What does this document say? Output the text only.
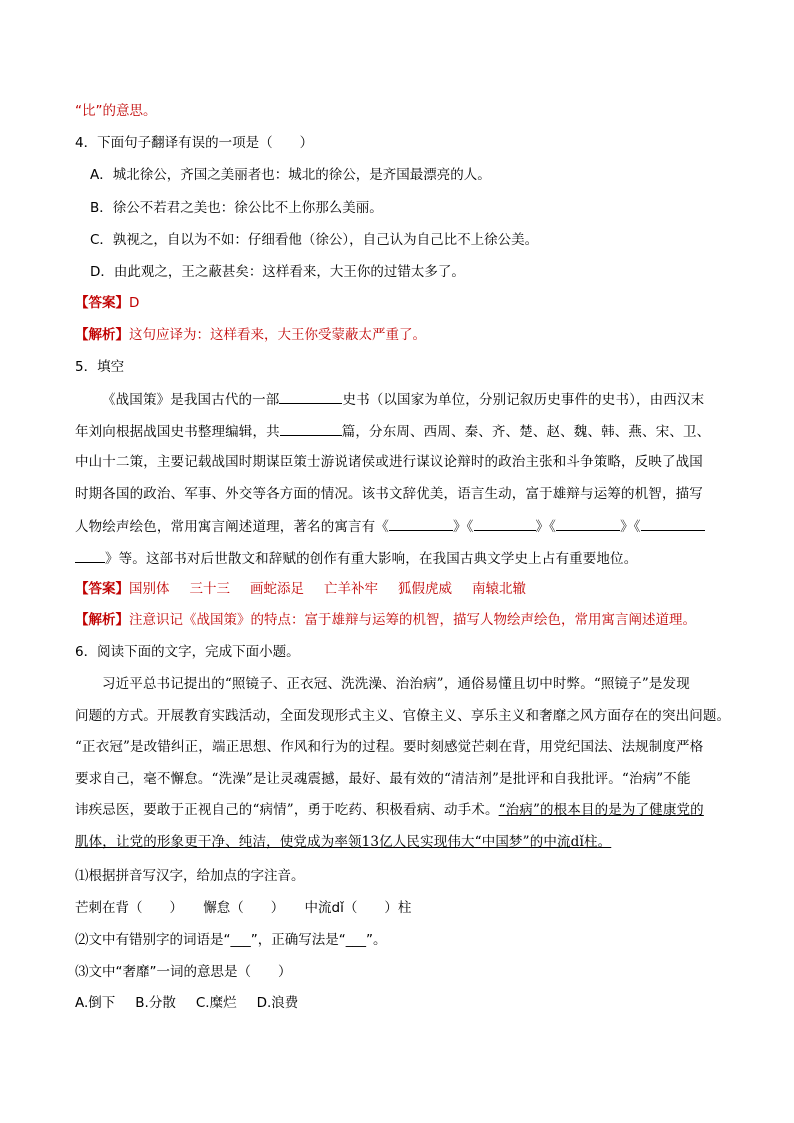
“比”的意思。
4．下面句子翻译有误的一项是（　　）
A．城北徐公，齐国之美丽者也：城北的徐公，是齐国最漂亮的人。
B．徐公不若君之美也：徐公比不上你那么美丽。
C．孰视之，自以为不如：仔细看他（徐公），自己认为自己比不上徐公美。
D．由此观之，王之蔽甚矣：这样看来，大王你的过错太多了。
【答案】D
【解析】这句应译为：这样看来，大王你受蒙蔽太严重了。
5．填空
《战国策》是我国古代的一部	史书（以国家为单位，分别记叙历史事件的史书），由西汉末
年刘向根据战国史书整理编辑，共	篇，分东周、西周、秦、齐、楚、赵、魏、韩、燕、宋、卫、
中山十二策，主要记载战国时期谋臣策士游说诸侯或进行谋议论辩时的政治主张和斗争策略，反映了战国
时期各国的政治、军事、外交等各方面的情况。该书文辞优美，语言生动，富于雄辩与运筹的机智，描写
人物绘声绘色，常用寓言阐述道理，著名的寓言有《	》《	》《	》《
》等。这部书对后世散文和辞赋的创作有重大影响，在我国古典文学史上占有重要地位。
【答案】国别体 三十三 画蛇添足 亡羊补牢 狐假虎威 南辕北辙
【解析】注意识记《战国策》的特点：富于雄辩与运筹的机智，描写人物绘声绘色，常用寓言阐述道理。
6．阅读下面的文字，完成下面小题。
习近平总书记提出的“照镜子、正衣冠、洗洗澡、治治病”，通俗易懂且切中时弊。“照镜子”是发现
问题的方式。开展教育实践活动，全面发现形式主义、官僚主义、享乐主义和奢靡之风方面存在的突出问题。
“正衣冠”是改错纠正，端正思想、作风和行为的过程。要时刻感觉芒刺在背，用党纪国法、法规制度严格
要求自己，毫不懈怠。“洗澡”是让灵魂震撼，最好、最有效的“清洁剂”是批评和自我批评。“治病”不能
讳疾忌医，要敢于正视自己的“病情”，勇于吃药、积极看病、动手术。“治病”的根本目的是为了健康党的
肌体，让党的形象更干净、纯洁，使党成为率领13亿人民实现伟大“中国梦”的中流dǐ柱。
⑴根据拼音写汉字，给加点的字注音。
芒刺在背（　　）　　懈怠（　　）　　中流dǐ（　　）柱
⑵文中有错别字的词语是“___”，正确写法是“___”。
⑶文中“奢靡”一词的意思是（　　）
A.倒下 B.分散 C.糜烂 D.浪费
